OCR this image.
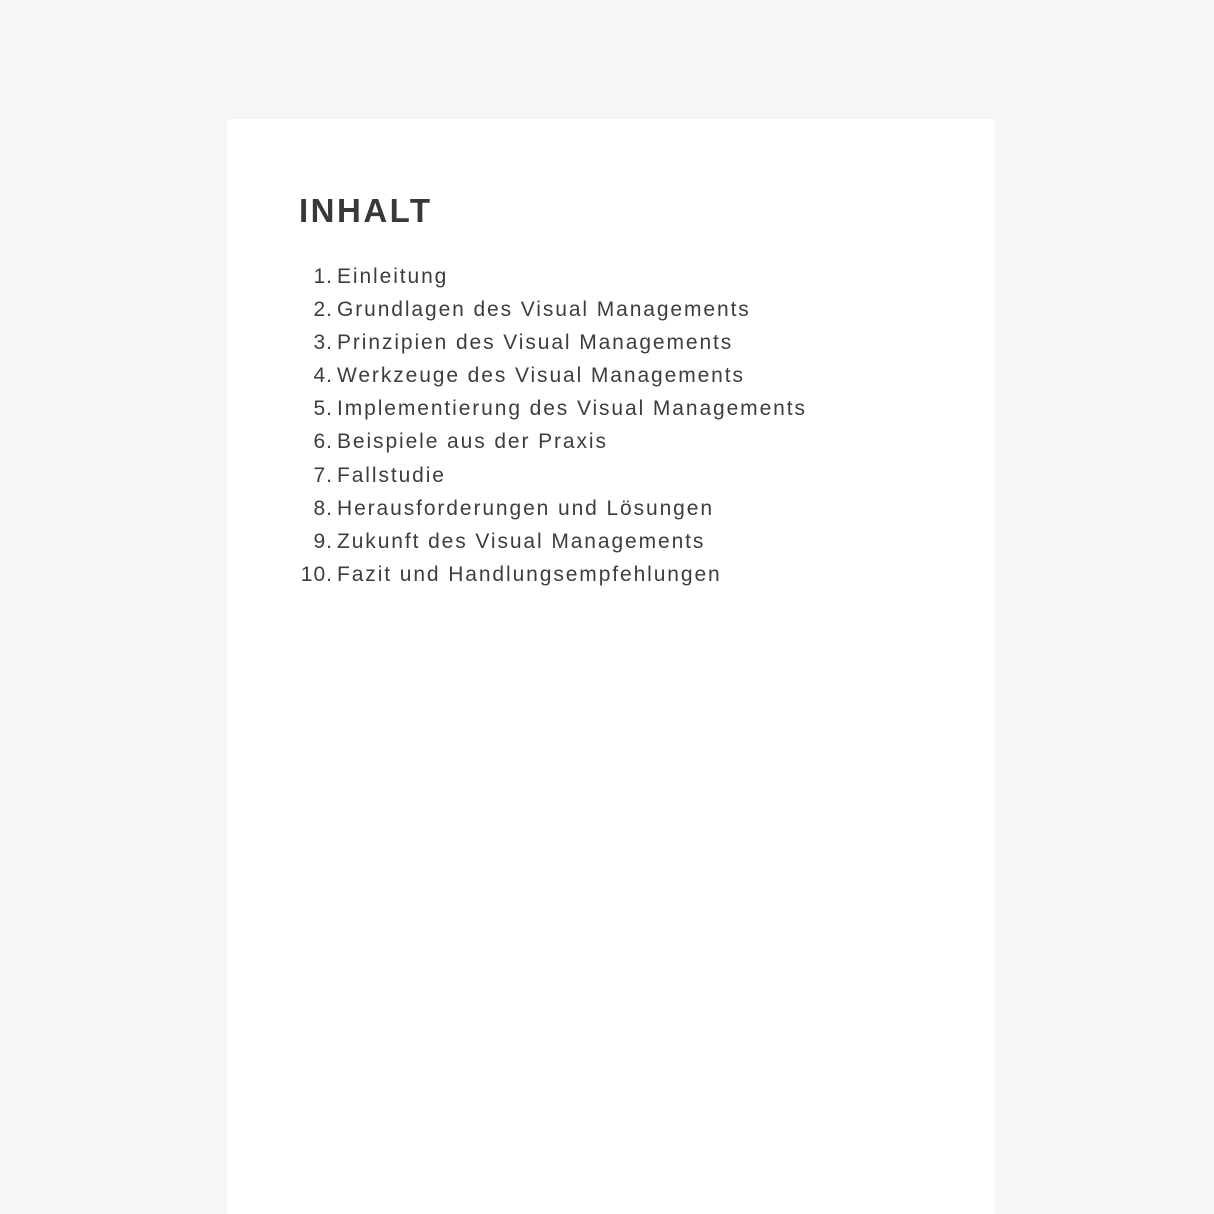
INHALT
1. Einleitung
2. Grundlagen des Visual Managements
3. Prinzipien des Visual Managements
4. Werkzeuge des Visual Managements
5. Implementierung des Visual Managements
6. Beispiele aus der Praxis
7. Fallstudie
8. Herausforderungen und Lösungen
9. Zukunft des Visual Managements
10. Fazit und Handlungsempfehlungen
